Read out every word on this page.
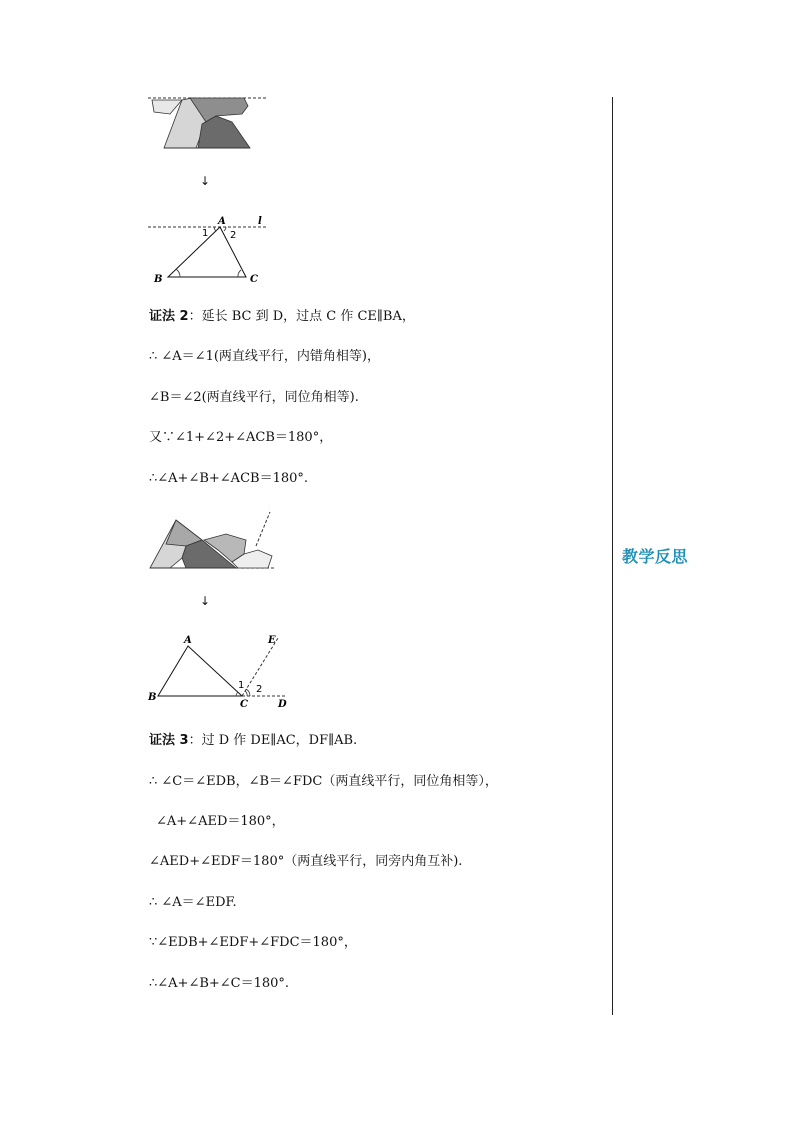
教学反思
↓
A	l
1 2
B	C
证法 2：延长 BC 到 D，过点 C 作 CE∥BA，
∴ ∠A＝∠1(两直线平行，内错角相等)，
∠B＝∠2(两直线平行，同位角相等).
又∵∠1+∠2+∠ACB＝180°，
∴∠A+∠B+∠ACB＝180°.
↓
A
B
C	D
E
1 2
证法 3：过 D 作 DE∥AC，DF∥AB.
∴ ∠C＝∠EDB，∠B＝∠FDC（两直线平行，同位角相等），
∠A+∠AED＝180°，
∠AED+∠EDF＝180°（两直线平行，同旁内角互补).
∴ ∠A＝∠EDF.
∵∠EDB+∠EDF+∠FDC＝180°，
∴∠A+∠B+∠C＝180°.
